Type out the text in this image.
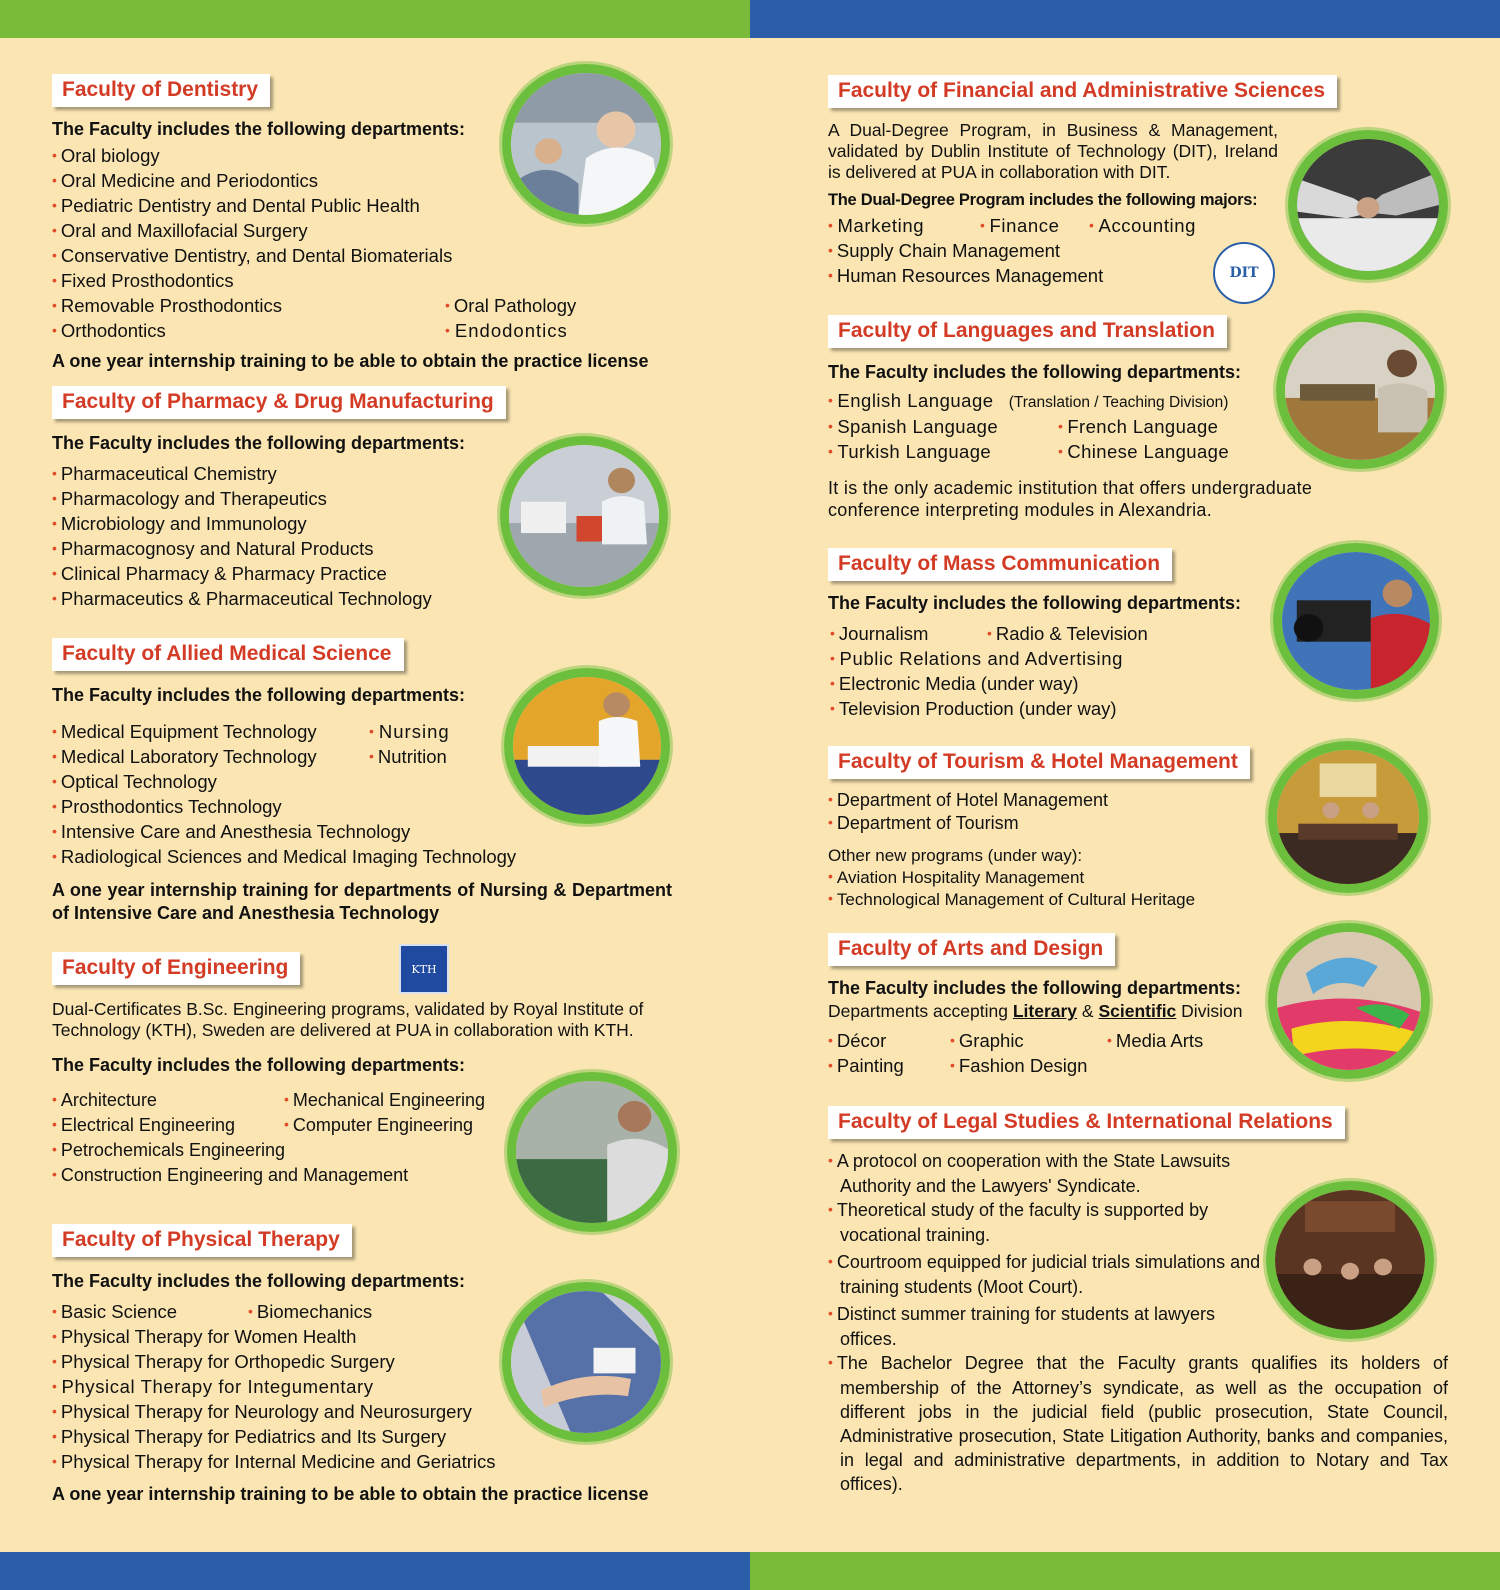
Faculty of Dentistry
The Faculty includes the following departments:
• Oral biology
• Oral Medicine and Periodontics
• Pediatric Dentistry and Dental Public Health
• Oral and Maxillofacial Surgery
• Conservative Dentistry, and Dental Biomaterials
• Fixed Prosthodontics
• Removable Prosthodontics	• Oral Pathology
• Orthodontics	• Endodontics
A one year internship training to be able to obtain the practice license
Faculty of Pharmacy & Drug Manufacturing
The Faculty includes the following departments:
• Pharmaceutical Chemistry
• Pharmacology and Therapeutics
• Microbiology and Immunology
• Pharmacognosy and Natural Products
• Clinical Pharmacy & Pharmacy Practice
• Pharmaceutics & Pharmaceutical Technology
Faculty of Allied Medical Science
The Faculty includes the following departments:
• Medical Equipment Technology	• Nursing
• Medical Laboratory Technology	• Nutrition
• Optical Technology
• Prosthodontics Technology
• Intensive Care and Anesthesia Technology
• Radiological Sciences and Medical Imaging Technology
A one year internship training for departments of Nursing & Department of Intensive Care and Anesthesia Technology
Faculty of Engineering	KTH
Dual-Certificates B.Sc. Engineering programs, validated by Royal Institute of Technology (KTH), Sweden are delivered at PUA in collaboration with KTH.
The Faculty includes the following departments:
• Architecture	• Mechanical Engineering
• Electrical Engineering	• Computer Engineering
• Petrochemicals Engineering
• Construction Engineering and Management
Faculty of Physical Therapy
The Faculty includes the following departments:
• Basic Science	• Biomechanics
• Physical Therapy for Women Health
• Physical Therapy for Orthopedic Surgery
• Physical Therapy for Integumentary
• Physical Therapy for Neurology and Neurosurgery
• Physical Therapy for Pediatrics and Its Surgery
• Physical Therapy for Internal Medicine and Geriatrics
A one year internship training to be able to obtain the practice license
Faculty of Financial and Administrative Sciences
A Dual-Degree Program, in Business & Management, validated by Dublin Institute of Technology (DIT), Ireland is delivered at PUA in collaboration with DIT.
The Dual-Degree Program includes the following majors:
• Marketing	• Finance	• Accounting
• Supply Chain Management
• Human Resources Management	DIT
Faculty of Languages and Translation
The Faculty includes the following departments:
• English Language (Translation / Teaching Division)
• Spanish Language	• French Language
• Turkish Language	• Chinese Language
It is the only academic institution that offers undergraduate conference interpreting modules in Alexandria.
Faculty of Mass Communication
The Faculty includes the following departments:
• Journalism	• Radio & Television
• Public Relations and Advertising
• Electronic Media (under way)
• Television Production (under way)
Faculty of Tourism & Hotel Management
• Department of Hotel Management
• Department of Tourism
Other new programs (under way):
• Aviation Hospitality Management
• Technological Management of Cultural Heritage
Faculty of Arts and Design
The Faculty includes the following departments:
Departments accepting Literary & Scientific Division
• Décor	• Graphic	• Media Arts
• Painting	• Fashion Design
Faculty of Legal Studies & International Relations
• A protocol on cooperation with the State Lawsuits Authority and the Lawyers' Syndicate.
• Theoretical study of the faculty is supported by vocational training.
• Courtroom equipped for judicial trials simulations and training students (Moot Court).
• Distinct summer training for students at lawyers offices.
• The Bachelor Degree that the Faculty grants qualifies its holders of membership of the Attorney’s syndicate, as well as the occupation of different jobs in the judicial field (public prosecution, State Council, Administrative prosecution, State Litigation Authority, banks and companies, in legal and administrative departments, in addition to Notary and Tax offices).
